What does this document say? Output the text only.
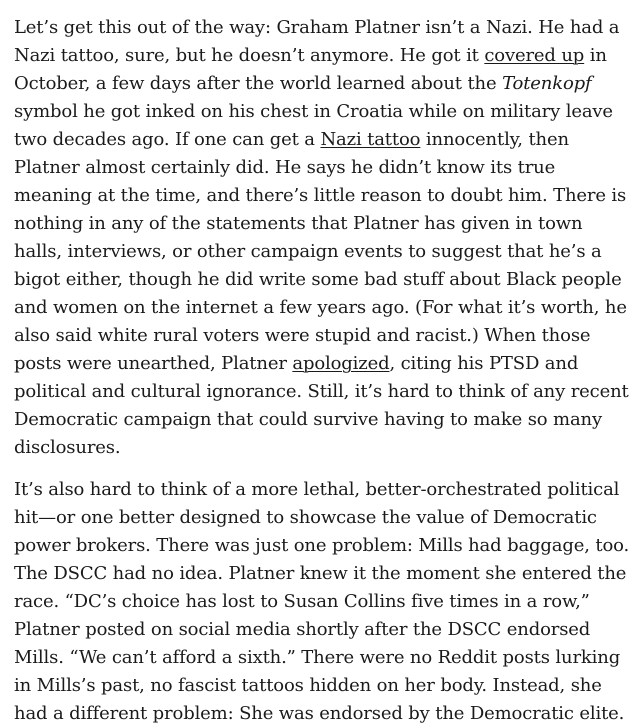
Let’s get this out of the way: Graham Platner isn’t a Nazi. He had a Nazi tattoo, sure, but he doesn’t anymore. He got it covered up in October, a few days after the world learned about the Totenkopf symbol he got inked on his chest in Croatia while on military leave two decades ago. If one can get a Nazi tattoo innocently, then Platner almost certainly did. He says he didn’t know its true meaning at the time, and there’s little reason to doubt him. There is nothing in any of the statements that Platner has given in town halls, interviews, or other campaign events to suggest that he’s a bigot either, though he did write some bad stuff about Black people and women on the internet a few years ago. (For what it’s worth, he also said white rural voters were stupid and racist.) When those posts were unearthed, Platner apologized, citing his PTSD and political and cultural ignorance. Still, it’s hard to think of any recent Democratic campaign that could survive having to make so many disclosures.

It’s also hard to think of a more lethal, better-orchestrated political hit—or one better designed to showcase the value of Democratic power brokers. There was just one problem: Mills had baggage, too. The DSCC had no idea. Platner knew it the moment she entered the race. “DC’s choice has lost to Susan Collins five times in a row,” Platner posted on social media shortly after the DSCC endorsed Mills. “We can’t afford a sixth.” There were no Reddit posts lurking in Mills’s past, no fascist tattoos hidden on her body. Instead, she had a different problem: She was endorsed by the Democratic elite.
